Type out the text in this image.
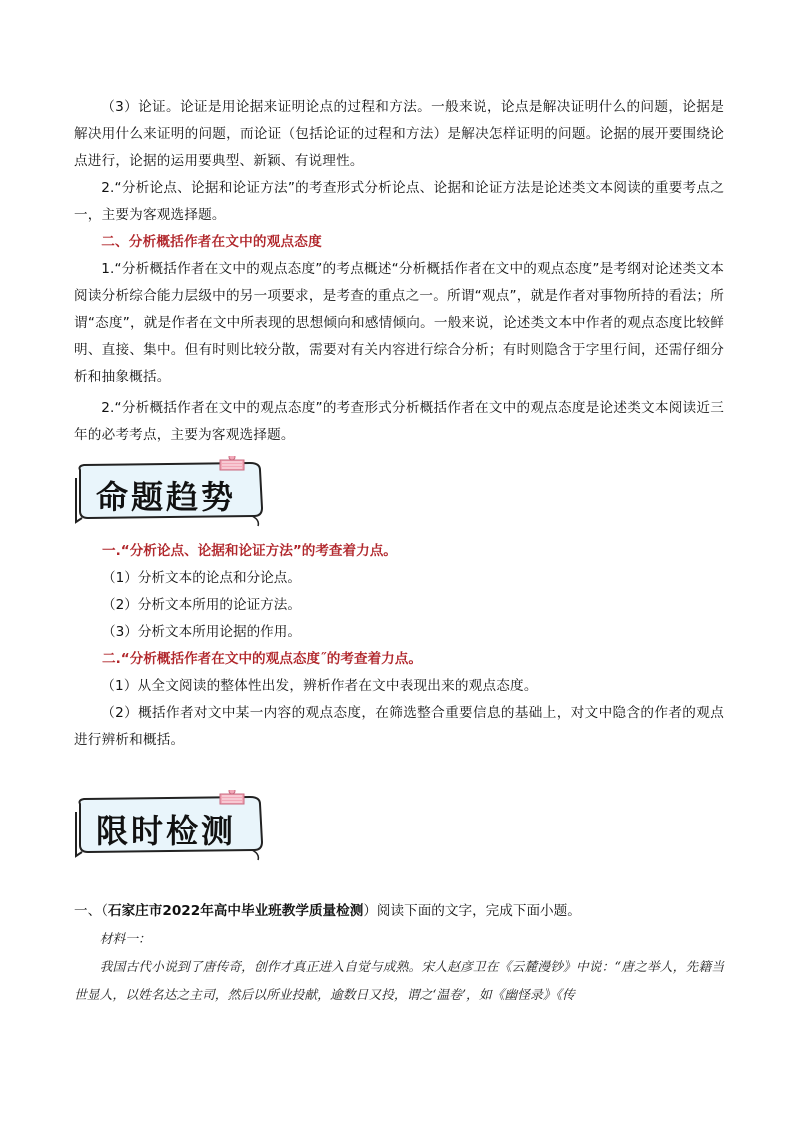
（3）论证。论证是用论据来证明论点的过程和方法。一般来说，论点是解决证明什么的问题，论据是解决用什么来证明的问题，而论证（包括论证的过程和方法）是解决怎样证明的问题。论据的展开要围绕论点进行，论据的运用要典型、新颖、有说理性。

2.“分析论点、论据和论证方法”的考查形式分析论点、论据和论证方法是论述类文本阅读的重要考点之一，主要为客观选择题。

二、分析概括作者在文中的观点态度

1.“分析概括作者在文中的观点态度”的考点概述“分析概括作者在文中的观点态度”是考纲对论述类文本阅读分析综合能力层级中的另一项要求，是考查的重点之一。所谓“观点”，就是作者对事物所持的看法；所谓“态度”，就是作者在文中所表现的思想倾向和感情倾向。一般来说，论述类文本中作者的观点态度比较鲜明、直接、集中。但有时则比较分散，需要对有关内容进行综合分析；有时则隐含于字里行间，还需仔细分析和抽象概括。

2.“分析概括作者在文中的观点态度”的考查形式分析概括作者在文中的观点态度是论述类文本阅读近三年的必考考点，主要为客观选择题。

命题趋势

一.“分析论点、论据和论证方法”的考查着力点。

（1）分析文本的论点和分论点。

（2）分析文本所用的论证方法。

（3）分析文本所用论据的作用。

二.“分析概括作者在文中的观点态度˝的考查着力点。

（1）从全文阅读的整体性出发，辨析作者在文中表现出来的观点态度。

（2）概括作者对文中某一内容的观点态度，在筛选整合重要信息的基础上，对文中隐含的作者的观点进行辨析和概括。

限时检测

一、（石家庄市2022年高中毕业班教学质量检测）阅读下面的文字，完成下面小题。

材料一：

我国古代小说到了唐传奇，创作才真正进入自觉与成熟。宋人赵彦卫在《云麓漫钞》中说：“唐之举人，先籍当世显人，以姓名达之主司，然后以所业投献，逾数日又投，谓之‘温卷’，如《幽怪录》《传
